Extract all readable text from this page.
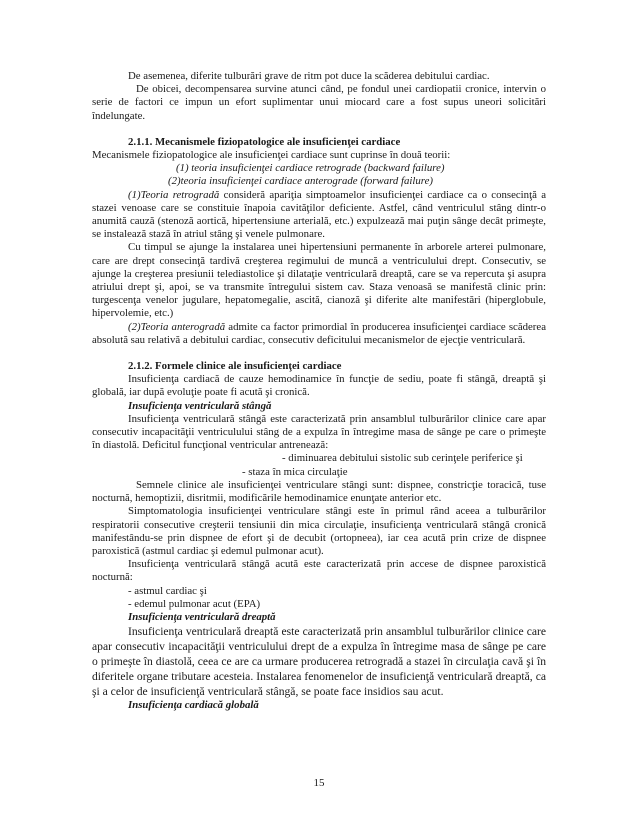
De asemenea, diferite tulburări grave de ritm pot duce la scăderea debitului cardiac.

De obicei, decompensarea survine atunci când, pe fondul unei cardiopatii cronice, intervin o serie de factori ce impun un efort suplimentar unui miocard care a fost supus uneori solicitări îndelungate.

2.1.1. Mecanismele fiziopatologice ale insuficienţei cardiace

Mecanismele fiziopatologice ale insuficienţei cardiace sunt cuprinse în două teorii:

(1) teoria insuficienţei cardiace retrograde (backward failure)

(2)teoria insuficienţei cardiace anterograde (forward failure)

(1)Teoria retrogradă consideră apariţia simptoamelor insuficienţei cardiace ca o consecinţă a stazei venoase care se constituie înapoia cavităţilor deficiente. Astfel, când ventriculul stâng dintr-o anumită cauză (stenoză aortică, hipertensiune arterială, etc.) expulzează mai puţin sânge decât primeşte, se instalează stază în atriul stâng şi venele pulmonare.

Cu timpul se ajunge la instalarea unei hipertensiuni permanente în arborele arterei pulmonare, care are drept consecinţă tardivă creşterea regimului de muncă a ventriculului drept. Consecutiv, se ajunge la creşterea presiunii telediastolice şi dilataţie ventriculară dreaptă, care se va repercuta şi asupra atriului drept şi, apoi, se va transmite întregului sistem cav. Staza venoasă se manifestă clinic prin: turgescenţa venelor jugulare, hepatomegalie, ascită, cianoză şi diferite alte manifestări (hiperglobule, hipervolemie, etc.)

(2)Teoria anterogradă admite ca factor primordial în producerea insuficienţei cardiace scăderea absolută sau relativă a debitului cardiac, consecutiv deficitului mecanismelor de ejecţie ventriculară.

2.1.2. Formele clinice ale insuficienţei cardiace

Insuficienţa cardiacă de cauze hemodinamice în funcţie de sediu, poate fi stângă, dreaptă şi globală, iar după evoluţie poate fi acută şi cronică.

Insuficienţa ventriculară stângă

Insuficienţa ventriculară stângă este caracterizată prin ansamblul tulburărilor clinice care apar consecutiv incapacităţii ventriculului stâng de a expulza în întregime masa de sânge pe care o primeşte în diastolă. Deficitul funcţional ventricular antrenează:

- diminuarea debitului sistolic sub cerinţele periferice şi

- staza în mica circulaţie

Semnele clinice ale insuficienţei ventriculare stângi sunt: dispnee, constricţie toracică, tuse nocturnă, hemoptizii, disritmii, modificările hemodinamice enunţate anterior etc.

Simptomatologia insuficienţei ventriculare stângi este în primul rând aceea a tulburărilor respiratorii consecutive creşterii tensiunii din mica circulaţie, insuficienţa ventriculară stângă cronică manifestându-se prin dispnee de efort şi de decubit (ortopneea), iar cea acută prin crize de dispnee paroxistică (astmul cardiac şi edemul pulmonar acut).

Insuficienţa ventriculară stângă acută este caracterizată prin accese de dispnee paroxistică nocturnă:

- astmul cardiac şi

- edemul pulmonar acut (EPA)

Insuficienţa ventriculară dreaptă

Insuficienţa ventriculară dreaptă este caracterizată prin ansamblul tulburărilor clinice care apar consecutiv incapacităţii ventriculului drept de a expulza în întregime masa de sânge pe care o primeşte în diastolă, ceea ce are ca urmare producerea retrogradă a stazei în circulaţia cavă şi în diferitele organe tributare acesteia. Instalarea fenomenelor de insuficienţă ventriculară dreaptă, ca şi a celor de insuficienţă ventriculară stângă, se poate face insidios sau acut.

Insuficienţa cardiacă globală

15
